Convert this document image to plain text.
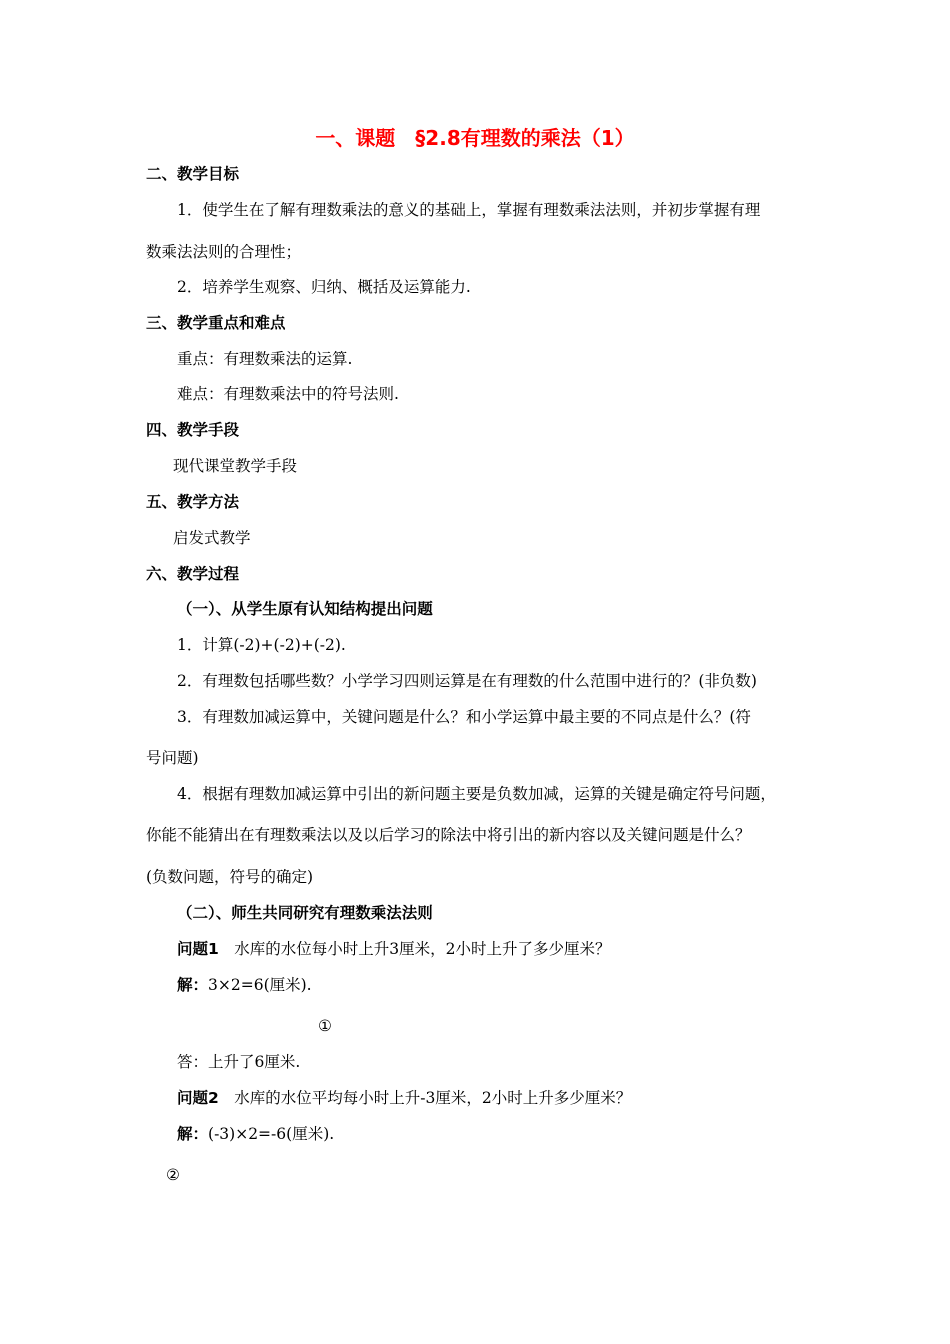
一、课题　§2.8有理数的乘法（1）
二、教学目标
1．使学生在了解有理数乘法的意义的基础上，掌握有理数乘法法则，并初步掌握有理
数乘法法则的合理性；
2．培养学生观察、归纳、概括及运算能力.
三、教学重点和难点
重点：有理数乘法的运算.
难点：有理数乘法中的符号法则.
四、教学手段
现代课堂教学手段
五、教学方法
启发式教学
六、教学过程
（一）、从学生原有认知结构提出问题
1．计算(-2)+(-2)+(-2).
2．有理数包括哪些数？小学学习四则运算是在有理数的什么范围中进行的？(非负数)
3．有理数加减运算中，关键问题是什么？和小学运算中最主要的不同点是什么？(符
号问题)
4．根据有理数加减运算中引出的新问题主要是负数加减，运算的关键是确定符号问题，
你能不能猜出在有理数乘法以及以后学习的除法中将引出的新内容以及关键问题是什么？
(负数问题，符号的确定)
（二）、师生共同研究有理数乘法法则
问题1　水库的水位每小时上升3厘米，2小时上升了多少厘米？
解：3×2=6(厘米).
①
答：上升了6厘米.
问题2　水库的水位平均每小时上升-3厘米，2小时上升多少厘米？
解：(-3)×2=-6(厘米).
②
